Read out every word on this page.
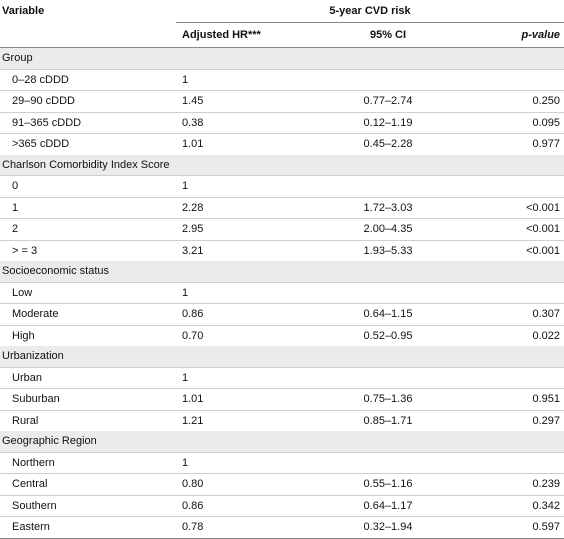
Variable	5-year CVD risk		
	Adjusted HR***	95% CI	p-value
Group			
0–28 cDDD	1		
29–90 cDDD	1.45	0.77–2.74	0.250
91–365 cDDD	0.38	0.12–1.19	0.095
>365 cDDD	1.01	0.45–2.28	0.977
Charlson Comorbidity Index Score			
0	1		
1	2.28	1.72–3.03	<0.001
2	2.95	2.00–4.35	<0.001
> = 3	3.21	1.93–5.33	<0.001
Socioeconomic status			
Low	1		
Moderate	0.86	0.64–1.15	0.307
High	0.70	0.52–0.95	0.022
Urbanization			
Urban	1		
Suburban	1.01	0.75–1.36	0.951
Rural	1.21	0.85–1.71	0.297
Geographic Region			
Northern	1		
Central	0.80	0.55–1.16	0.239
Southern	0.86	0.64–1.17	0.342
Eastern	0.78	0.32–1.94	0.597
